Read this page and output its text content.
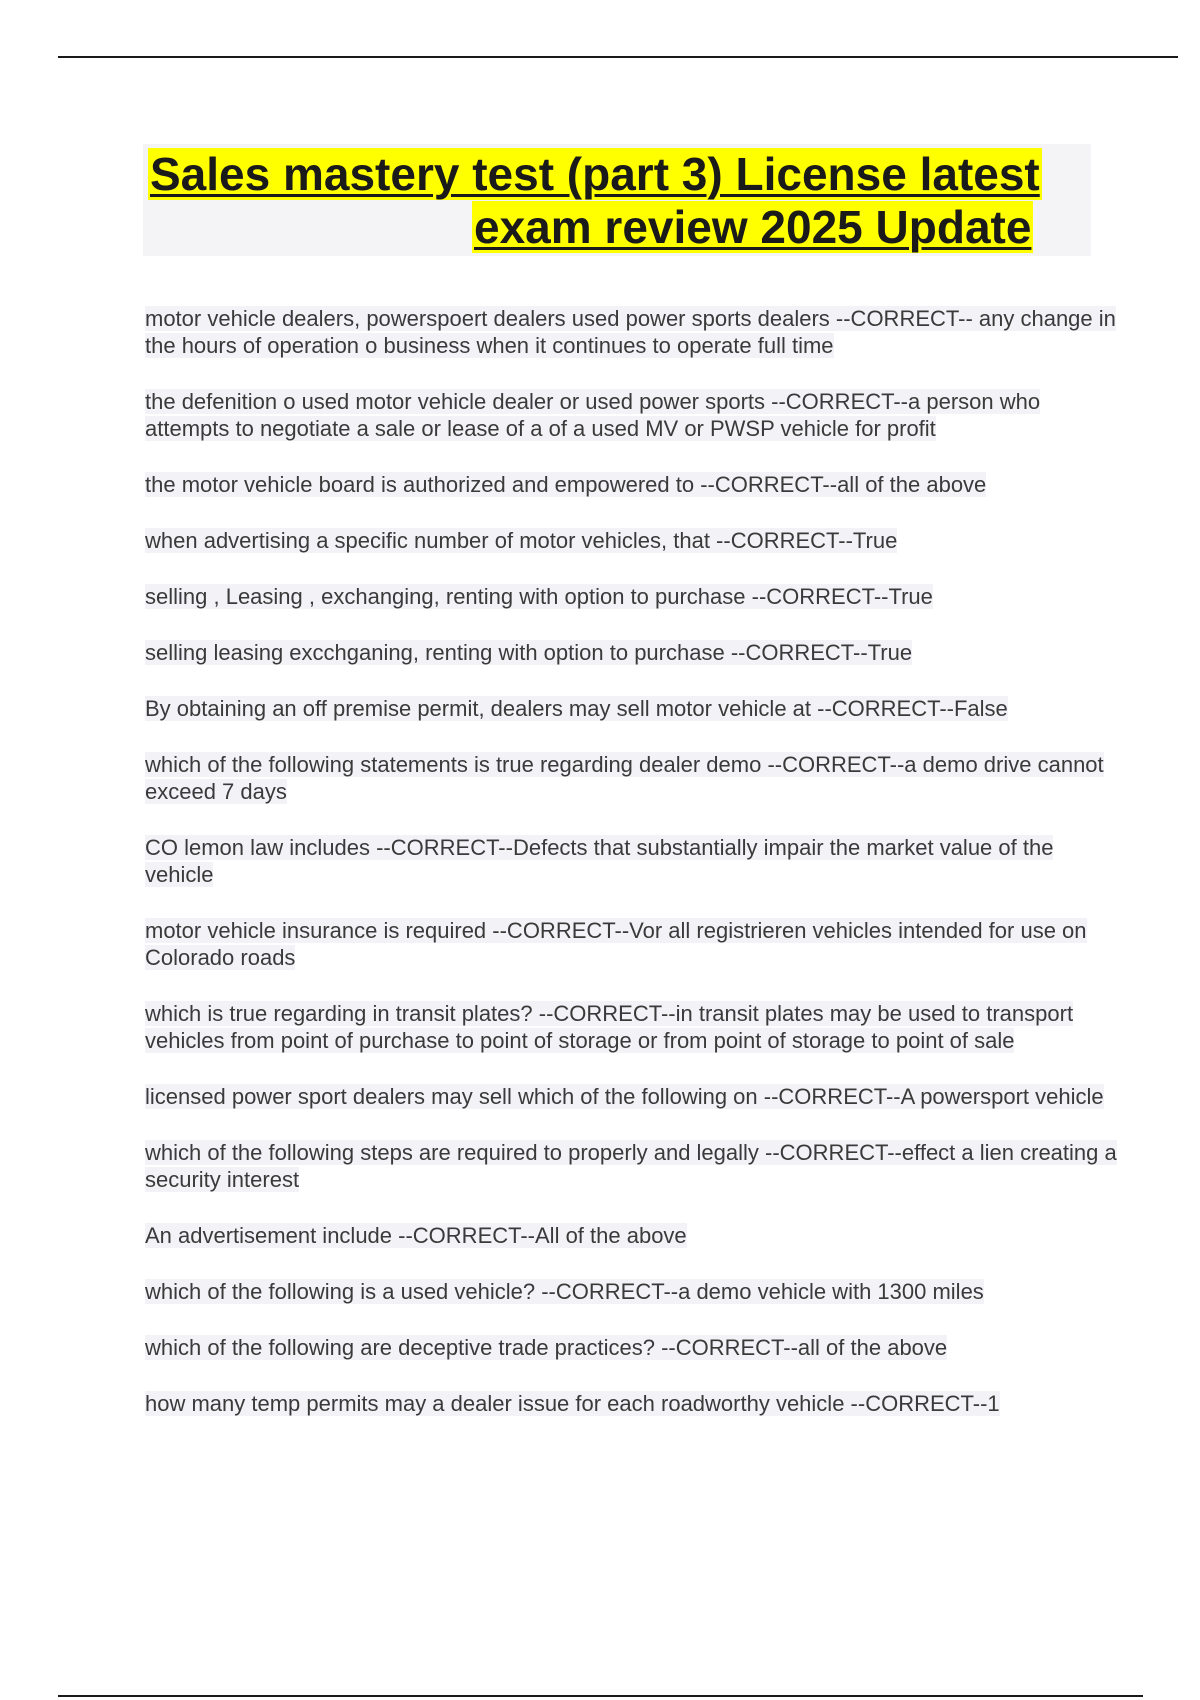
Sales mastery test (part 3) License latest
exam review 2025 Update
motor vehicle dealers, powerspoert dealers used power sports dealers --CORRECT-- any change in the hours of operation o business when it continues to operate full time
the defenition o used motor vehicle dealer or used power sports --CORRECT--a person who attempts to negotiate a sale or lease of a of a used MV or PWSP vehicle for profit
the motor vehicle board is authorized and empowered to --CORRECT--all of the above
when advertising a specific number of motor vehicles, that --CORRECT--True
selling , Leasing , exchanging, renting with option to purchase --CORRECT--True
selling leasing excchganing, renting with option to purchase --CORRECT--True
By obtaining an off premise permit, dealers may sell motor vehicle at --CORRECT--False
which of the following statements is true regarding dealer demo --CORRECT--a demo drive cannot exceed 7 days
CO lemon law includes --CORRECT--Defects that substantially impair the market value of the vehicle
motor vehicle insurance is required --CORRECT--Vor all registrieren vehicles intended for use on Colorado roads
which is true regarding in transit plates? --CORRECT--in transit plates may be used to transport vehicles from point of purchase to point of storage or from point of storage to point of sale
licensed power sport dealers may sell which of the following on --CORRECT--A powersport vehicle
which of the following steps are required to properly and legally --CORRECT--effect a lien creating a security interest
An advertisement include --CORRECT--All of the above
which of the following is a used vehicle? --CORRECT--a demo vehicle with 1300 miles
which of the following are deceptive trade practices? --CORRECT--all of the above
how many temp permits may a dealer issue for each roadworthy vehicle --CORRECT--1
